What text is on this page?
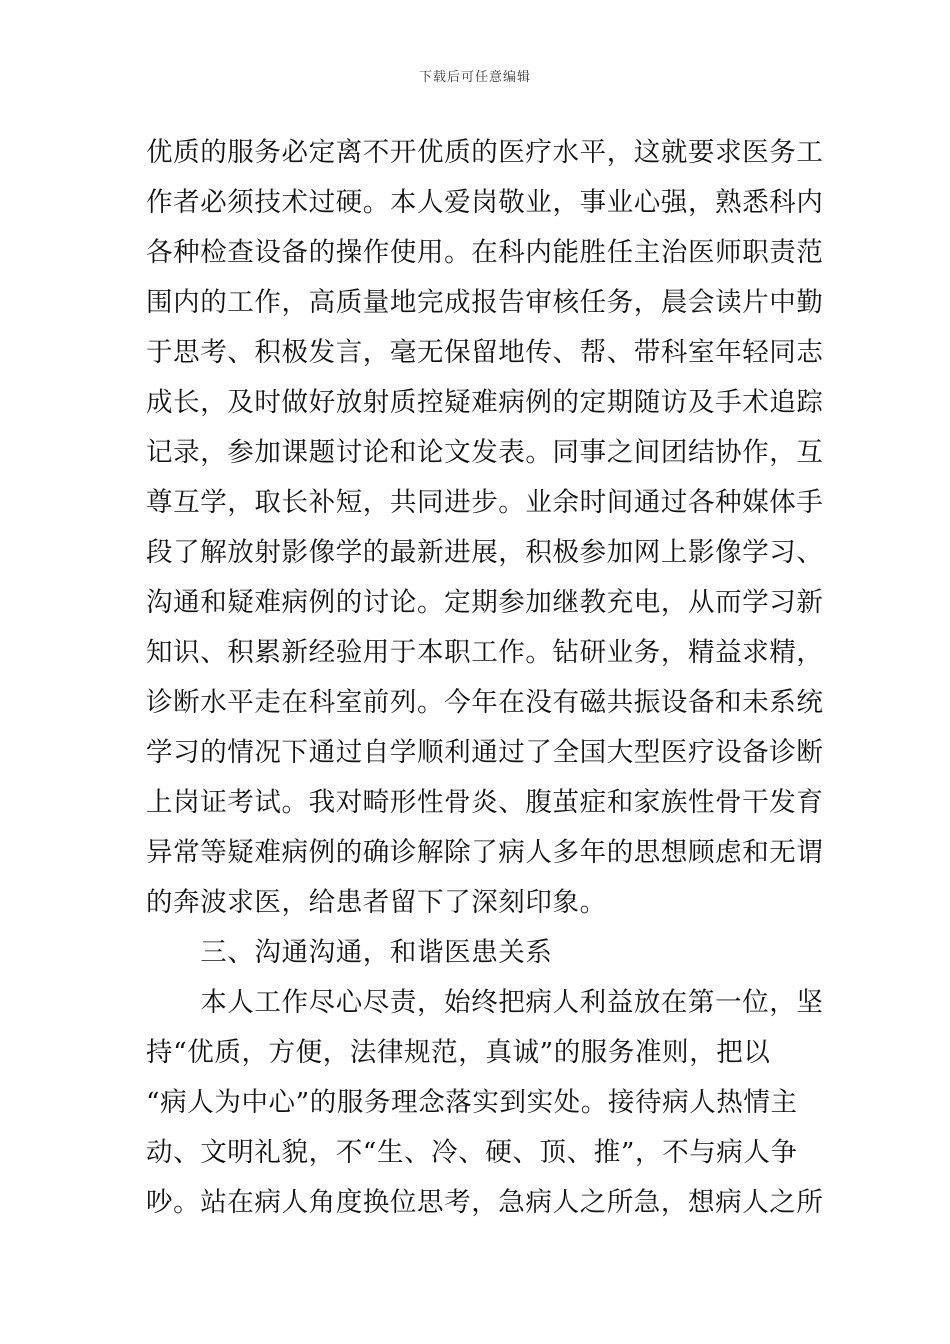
下载后可任意编辑
优质的服务必定离不开优质的医疗水平，这就要求医务工
作者必须技术过硬。本人爱岗敬业，事业心强，熟悉科内
各种检查设备的操作使用。在科内能胜任主治医师职责范
围内的工作，高质量地完成报告审核任务，晨会读片中勤
于思考、积极发言，毫无保留地传、帮、带科室年轻同志
成长，及时做好放射质控疑难病例的定期随访及手术追踪
记录，参加课题讨论和论文发表。同事之间团结协作，互
尊互学，取长补短，共同进步。业余时间通过各种媒体手
段了解放射影像学的最新进展，积极参加网上影像学习、
沟通和疑难病例的讨论。定期参加继教充电，从而学习新
知识、积累新经验用于本职工作。钻研业务，精益求精，
诊断水平走在科室前列。今年在没有磁共振设备和未系统
学习的情况下通过自学顺利通过了全国大型医疗设备诊断
上岗证考试。我对畸形性骨炎、腹茧症和家族性骨干发育
异常等疑难病例的确诊解除了病人多年的思想顾虑和无谓
的奔波求医，给患者留下了深刻印象。
　　三、沟通沟通，和谐医患关系
　　本人工作尽心尽责，始终把病人利益放在第一位，坚
持“优质，方便，法律规范，真诚”的服务准则，把以
“病人为中心”的服务理念落实到实处。接待病人热情主
动、文明礼貌，不“生、冷、硬、顶、推”，不与病人争
吵。站在病人角度换位思考，急病人之所急，想病人之所
